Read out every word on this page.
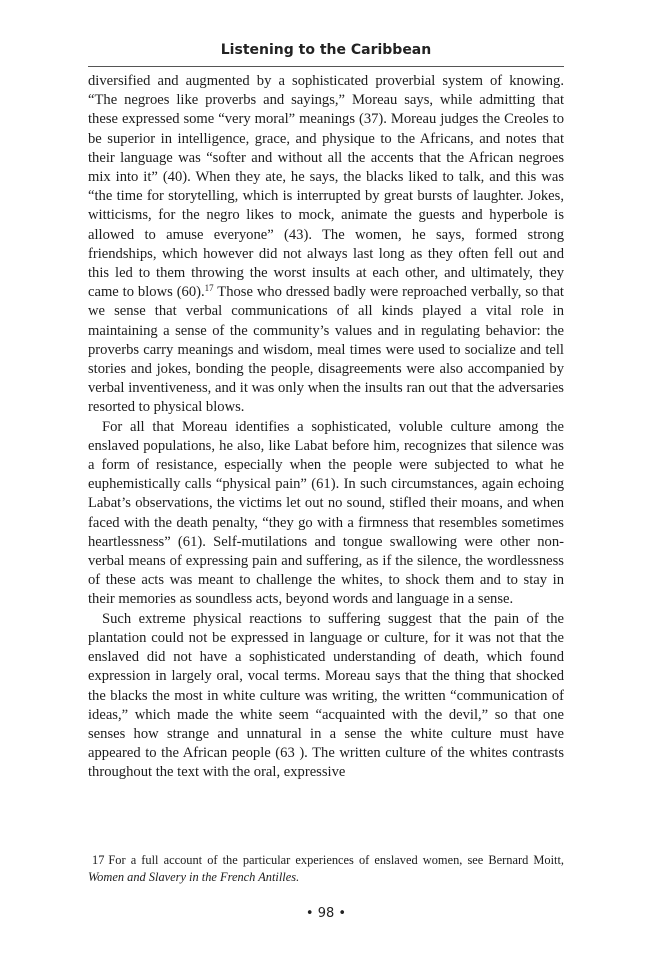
Listening to the Caribbean

diversified and augmented by a sophisticated proverbial system of knowing. “The negroes like proverbs and sayings,” Moreau says, while admitting that these expressed some “very moral” meanings (37). Moreau judges the Creoles to be superior in intelligence, grace, and physique to the Africans, and notes that their language was “softer and without all the accents that the African negroes mix into it” (40). When they ate, he says, the blacks liked to talk, and this was “the time for storytelling, which is interrupted by great bursts of laughter. Jokes, witticisms, for the negro likes to mock, animate the guests and hyperbole is allowed to amuse everyone” (43). The women, he says, formed strong friendships, which however did not always last long as they often fell out and this led to them throwing the worst insults at each other, and ultimately, they came to blows (60).$^{17}$ Those who dressed badly were reproached verbally, so that we sense that verbal communications of all kinds played a vital role in maintaining a sense of the community’s values and in regulating behavior: the proverbs carry meanings and wisdom, meal times were used to socialize and tell stories and jokes, bonding the people, disagreements were also accompanied by verbal inventiveness, and it was only when the insults ran out that the adversaries resorted to physical blows.

For all that Moreau identifies a sophisticated, voluble culture among the enslaved populations, he also, like Labat before him, recognizes that silence was a form of resistance, especially when the people were subjected to what he euphemistically calls “physical pain” (61). In such circumstances, again echoing Labat’s observations, the victims let out no sound, stifled their moans, and when faced with the death penalty, “they go with a firmness that resembles sometimes heartlessness” (61). Self-mutilations and tongue swallowing were other non-verbal means of expressing pain and suffering, as if the silence, the wordlessness of these acts was meant to challenge the whites, to shock them and to stay in their memories as soundless acts, beyond words and language in a sense.

Such extreme physical reactions to suffering suggest that the pain of the plantation could not be expressed in language or culture, for it was not that the enslaved did not have a sophisticated understanding of death, which found expression in largely oral, vocal terms. Moreau says that the thing that shocked the blacks the most in white culture was writing, the written “communication of ideas,” which made the white seem “acquainted with the devil,” so that one senses how strange and unnatural in a sense the white culture must have appeared to the African people (63 ). The written culture of the whites contrasts throughout the text with the oral, expressive

17 For a full account of the particular experiences of enslaved women, see Bernard Moitt, Women and Slavery in the French Antilles.
• 98 •
